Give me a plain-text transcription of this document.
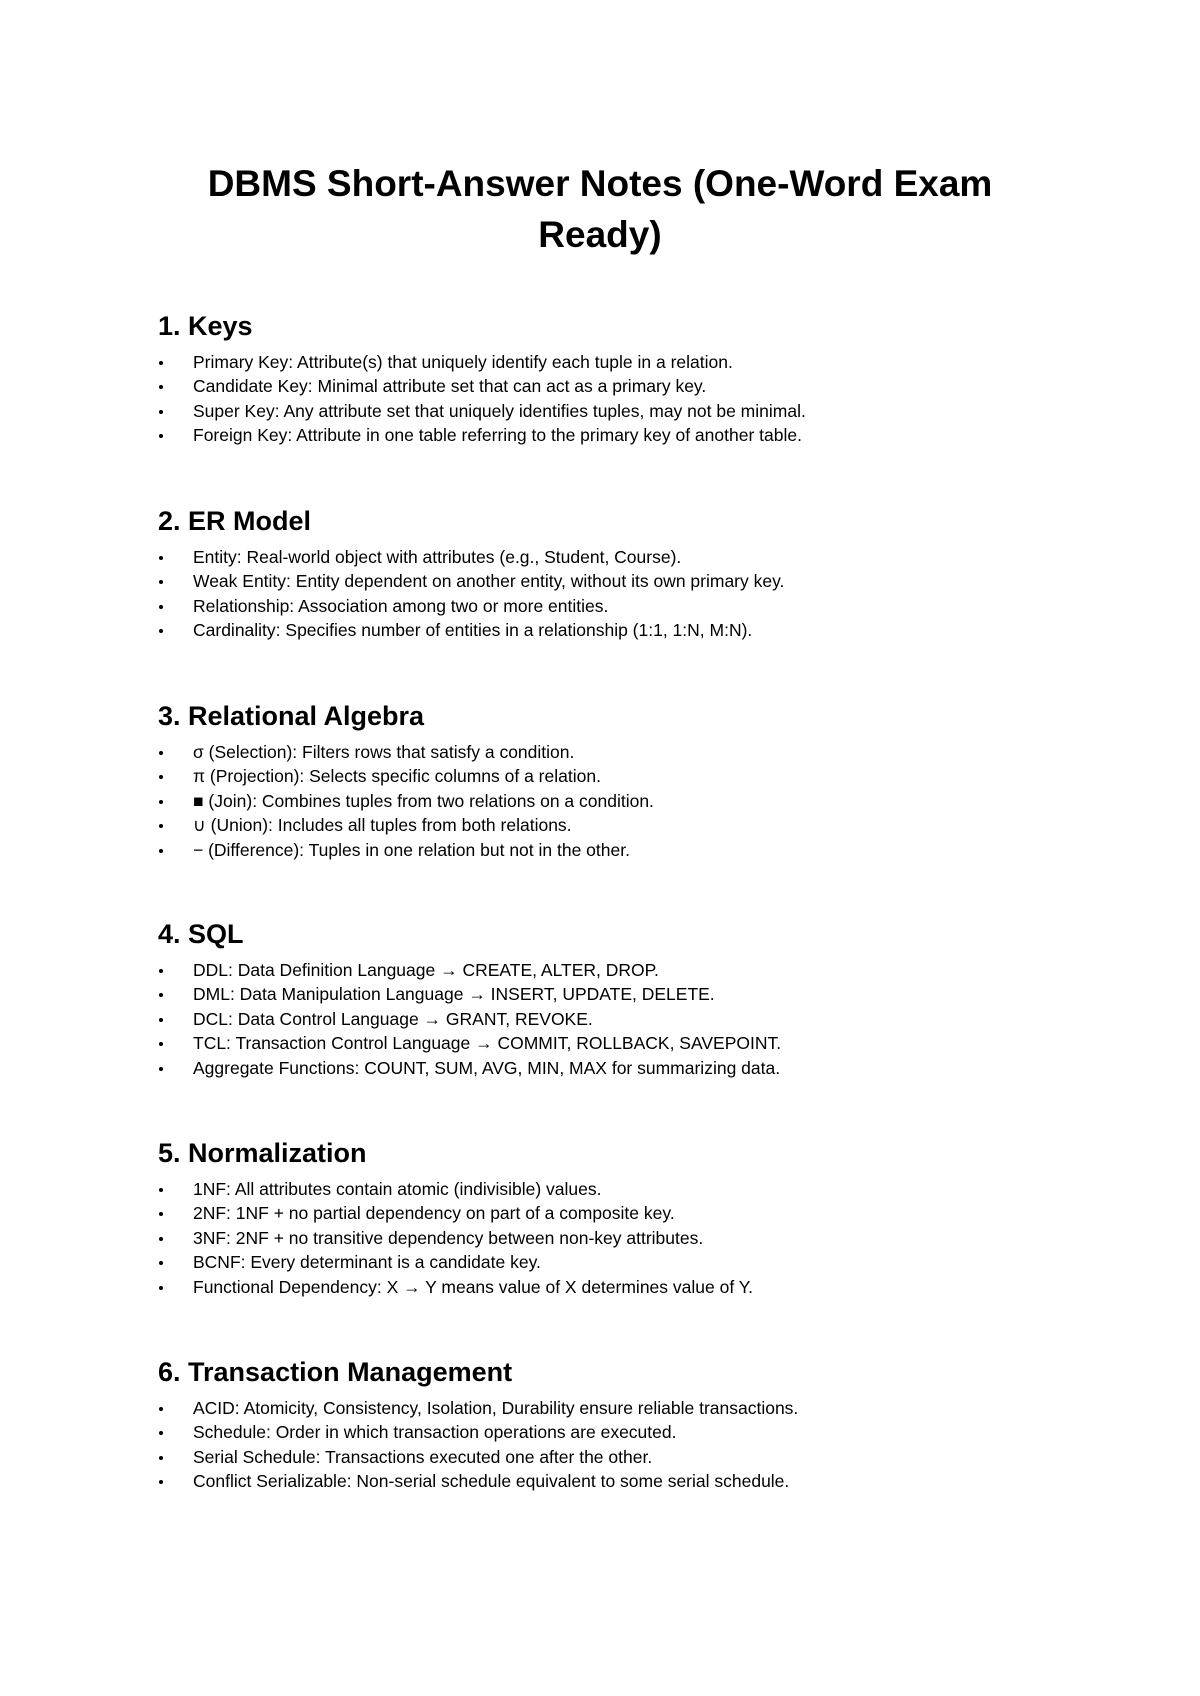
DBMS Short-Answer Notes (One-Word Exam Ready)
1. Keys
Primary Key: Attribute(s) that uniquely identify each tuple in a relation.
Candidate Key: Minimal attribute set that can act as a primary key.
Super Key: Any attribute set that uniquely identifies tuples, may not be minimal.
Foreign Key: Attribute in one table referring to the primary key of another table.
2. ER Model
Entity: Real-world object with attributes (e.g., Student, Course).
Weak Entity: Entity dependent on another entity, without its own primary key.
Relationship: Association among two or more entities.
Cardinality: Specifies number of entities in a relationship (1:1, 1:N, M:N).
3. Relational Algebra
σ (Selection): Filters rows that satisfy a condition.
π (Projection): Selects specific columns of a relation.
■ (Join): Combines tuples from two relations on a condition.
∪ (Union): Includes all tuples from both relations.
− (Difference): Tuples in one relation but not in the other.
4. SQL
DDL: Data Definition Language → CREATE, ALTER, DROP.
DML: Data Manipulation Language → INSERT, UPDATE, DELETE.
DCL: Data Control Language → GRANT, REVOKE.
TCL: Transaction Control Language → COMMIT, ROLLBACK, SAVEPOINT.
Aggregate Functions: COUNT, SUM, AVG, MIN, MAX for summarizing data.
5. Normalization
1NF: All attributes contain atomic (indivisible) values.
2NF: 1NF + no partial dependency on part of a composite key.
3NF: 2NF + no transitive dependency between non-key attributes.
BCNF: Every determinant is a candidate key.
Functional Dependency: X → Y means value of X determines value of Y.
6. Transaction Management
ACID: Atomicity, Consistency, Isolation, Durability ensure reliable transactions.
Schedule: Order in which transaction operations are executed.
Serial Schedule: Transactions executed one after the other.
Conflict Serializable: Non-serial schedule equivalent to some serial schedule.
